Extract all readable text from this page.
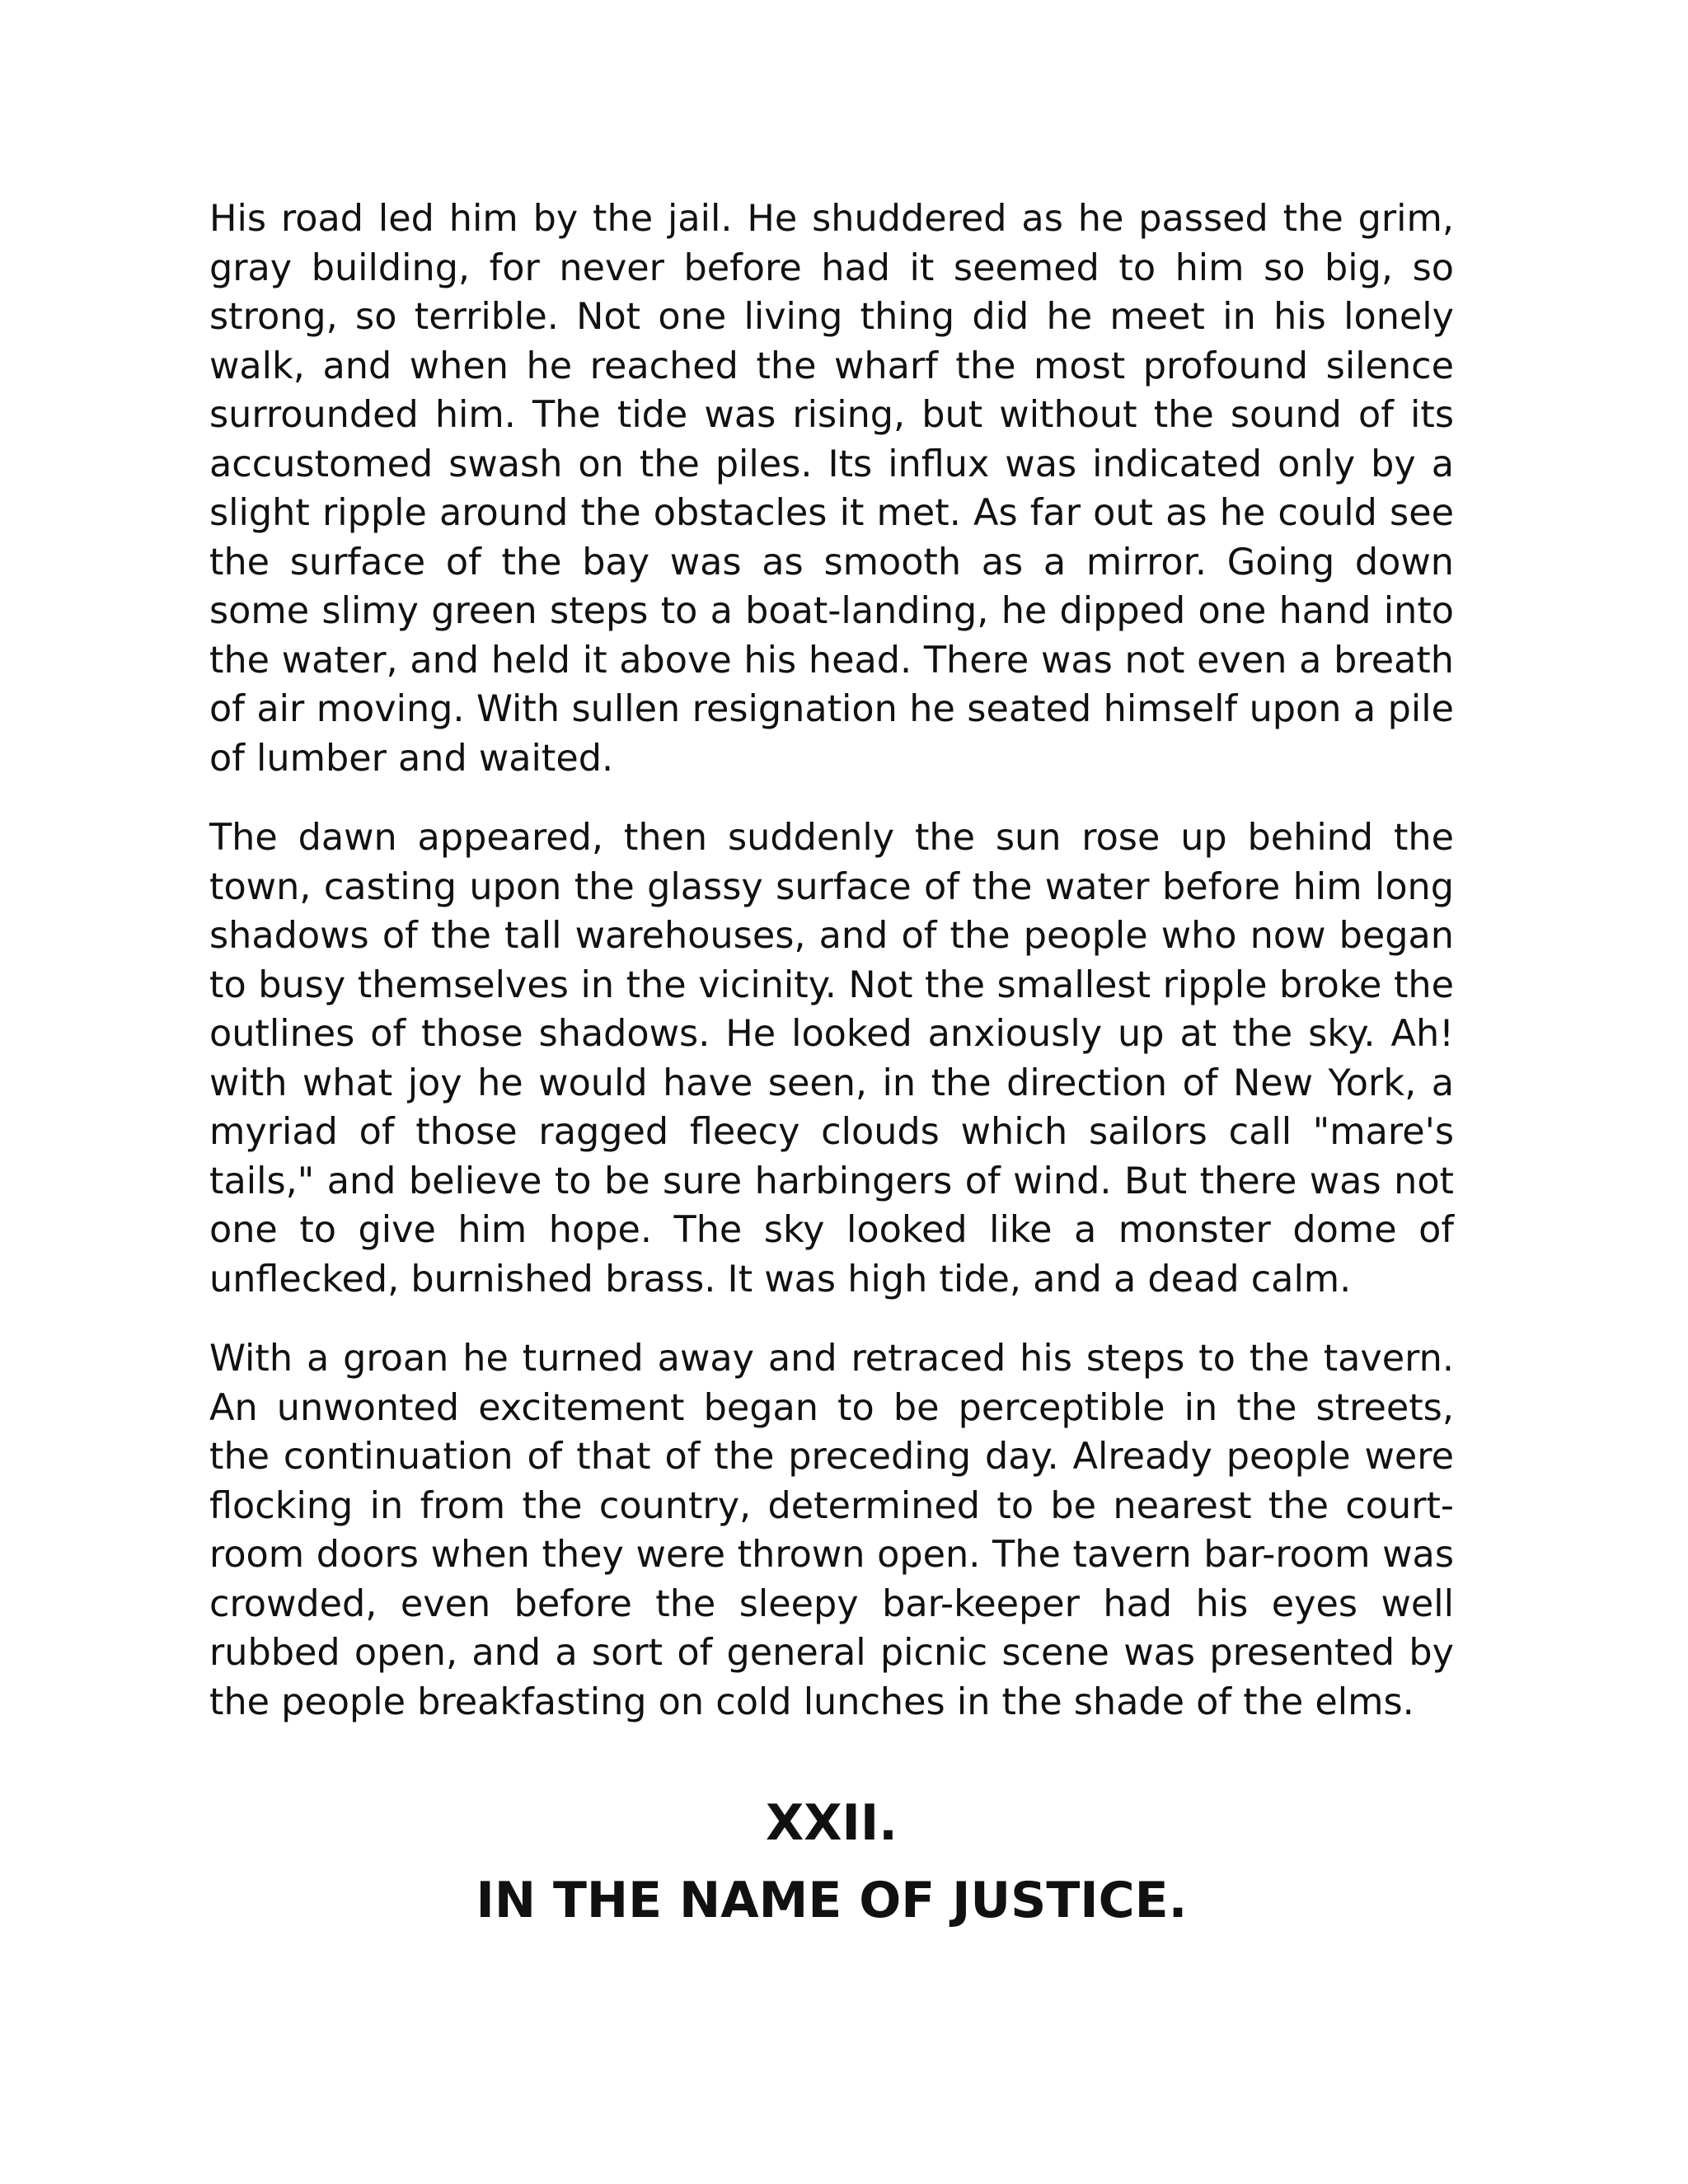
His road led him by the jail. He shuddered as he passed the grim, gray building, for never before had it seemed to him so big, so strong, so terrible. Not one living thing did he meet in his lonely walk, and when he reached the wharf the most profound silence surrounded him. The tide was rising, but without the sound of its accustomed swash on the piles. Its influx was indicated only by a slight ripple around the obstacles it met. As far out as he could see the surface of the bay was as smooth as a mirror. Going down some slimy green steps to a boat-landing, he dipped one hand into the water, and held it above his head. There was not even a breath of air moving. With sullen resignation he seated himself upon a pile of lumber and waited.

The dawn appeared, then suddenly the sun rose up behind the town, casting upon the glassy surface of the water before him long shadows of the tall warehouses, and of the people who now began to busy themselves in the vicinity. Not the smallest ripple broke the outlines of those shadows. He looked anxiously up at the sky. Ah! with what joy he would have seen, in the direction of New York, a myriad of those ragged fleecy clouds which sailors call "mare's tails," and believe to be sure harbingers of wind. But there was not one to give him hope. The sky looked like a monster dome of unflecked, burnished brass. It was high tide, and a dead calm.

With a groan he turned away and retraced his steps to the tavern. An unwonted excitement began to be perceptible in the streets, the continuation of that of the preceding day. Already people were flocking in from the country, determined to be nearest the court-room doors when they were thrown open. The tavern bar-room was crowded, even before the sleepy bar-keeper had his eyes well rubbed open, and a sort of general picnic scene was presented by the people breakfasting on cold lunches in the shade of the elms.

XXII.
IN THE NAME OF JUSTICE.
